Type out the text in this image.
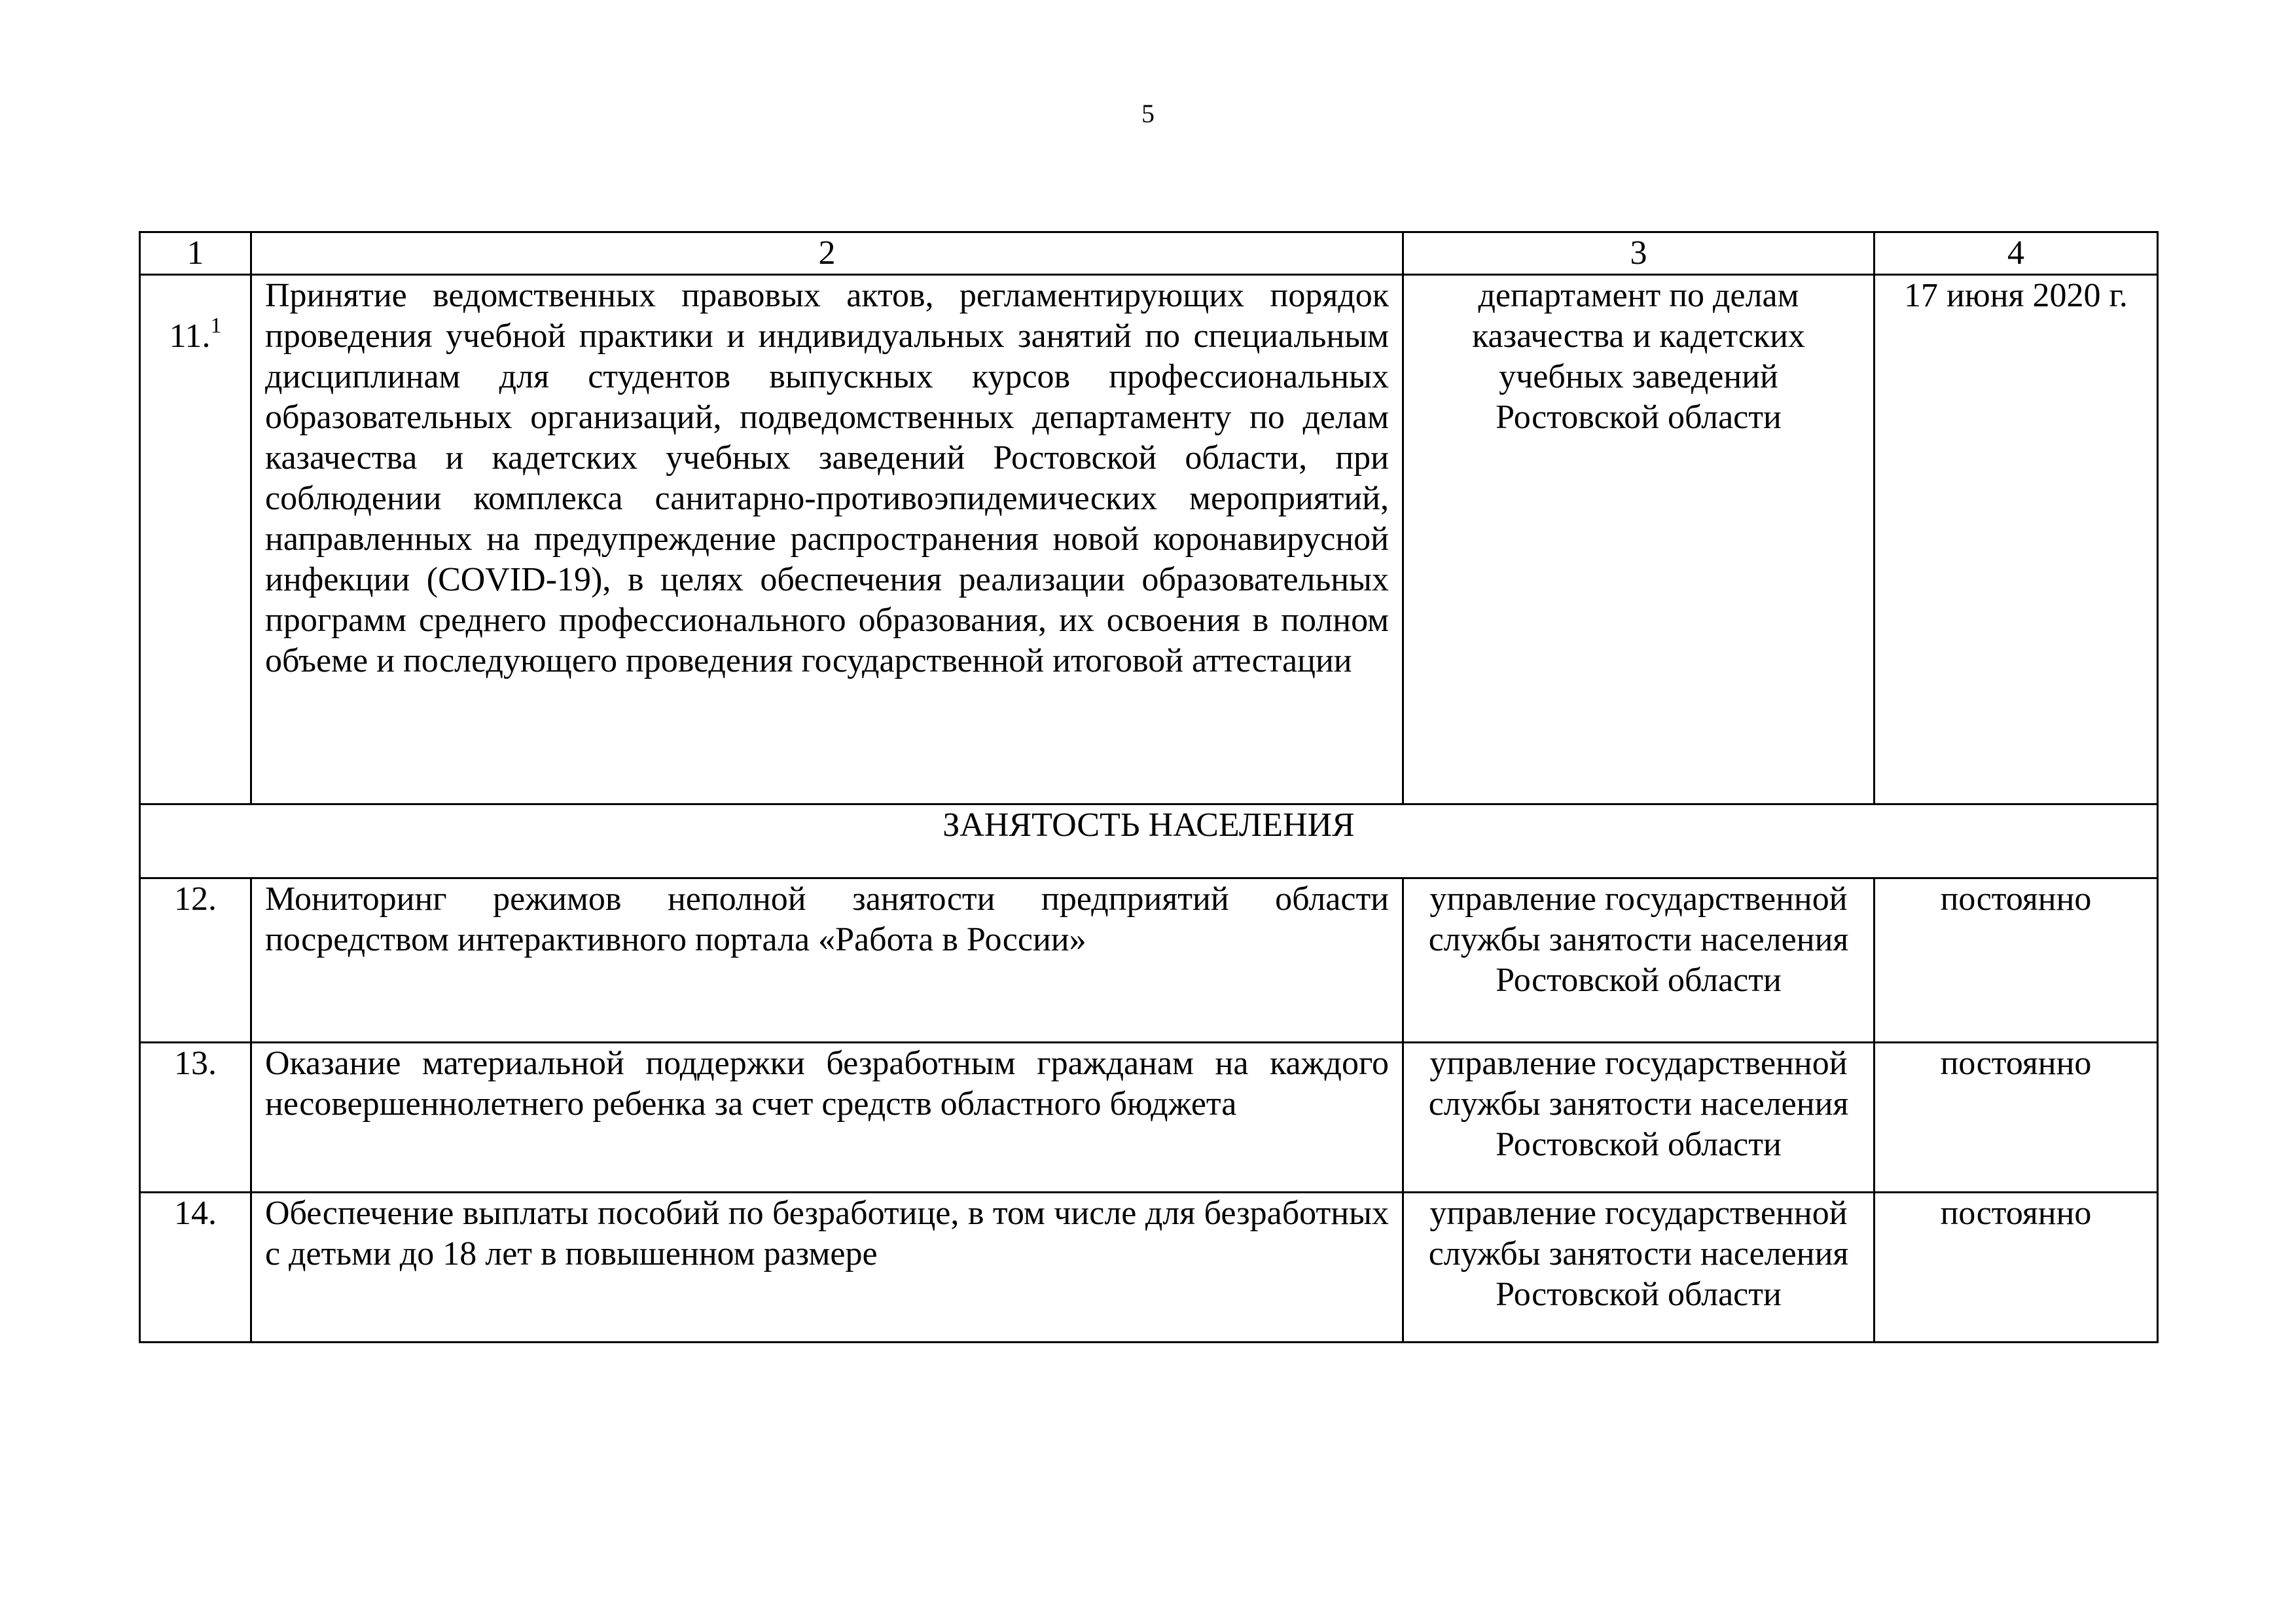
5
1	2	3	4
11.$^1$	Принятие ведомственных правовых актов, регламентирующих порядок проведения учебной практики и индивидуальных занятий по специальным дисциплинам для студентов выпускных курсов профессиональных образовательных организаций, подведомственных департаменту по делам казачества и кадетских учебных заведений Ростовской области, при соблюдении комплекса санитарно-противоэпидемических мероприятий, направленных на предупреждение распространения новой коронавирусной инфекции (COVID-19), в целях обеспечения реализации образовательных программ среднего профессионального образования, их освоения в полном объеме и последующего проведения государственной итоговой аттестации	департамент по делам казачества и кадетских учебных заведений Ростовской области	17 июня 2020 г.
ЗАНЯТОСТЬ НАСЕЛЕНИЯ			
12.	Мониторинг режимов неполной занятости предприятий области посредством интерактивного портала «Работа в России»	управление государственной службы занятости населения Ростовской области	постоянно
13.	Оказание материальной поддержки безработным гражданам на каждого несовершеннолетнего ребенка за счет средств областного бюджета	управление государственной службы занятости населения Ростовской области	постоянно
14.	Обеспечение выплаты пособий по безработице, в том числе для безработных с детьми до 18 лет в повышенном размере	управление государственной службы занятости населения Ростовской области	постоянно
